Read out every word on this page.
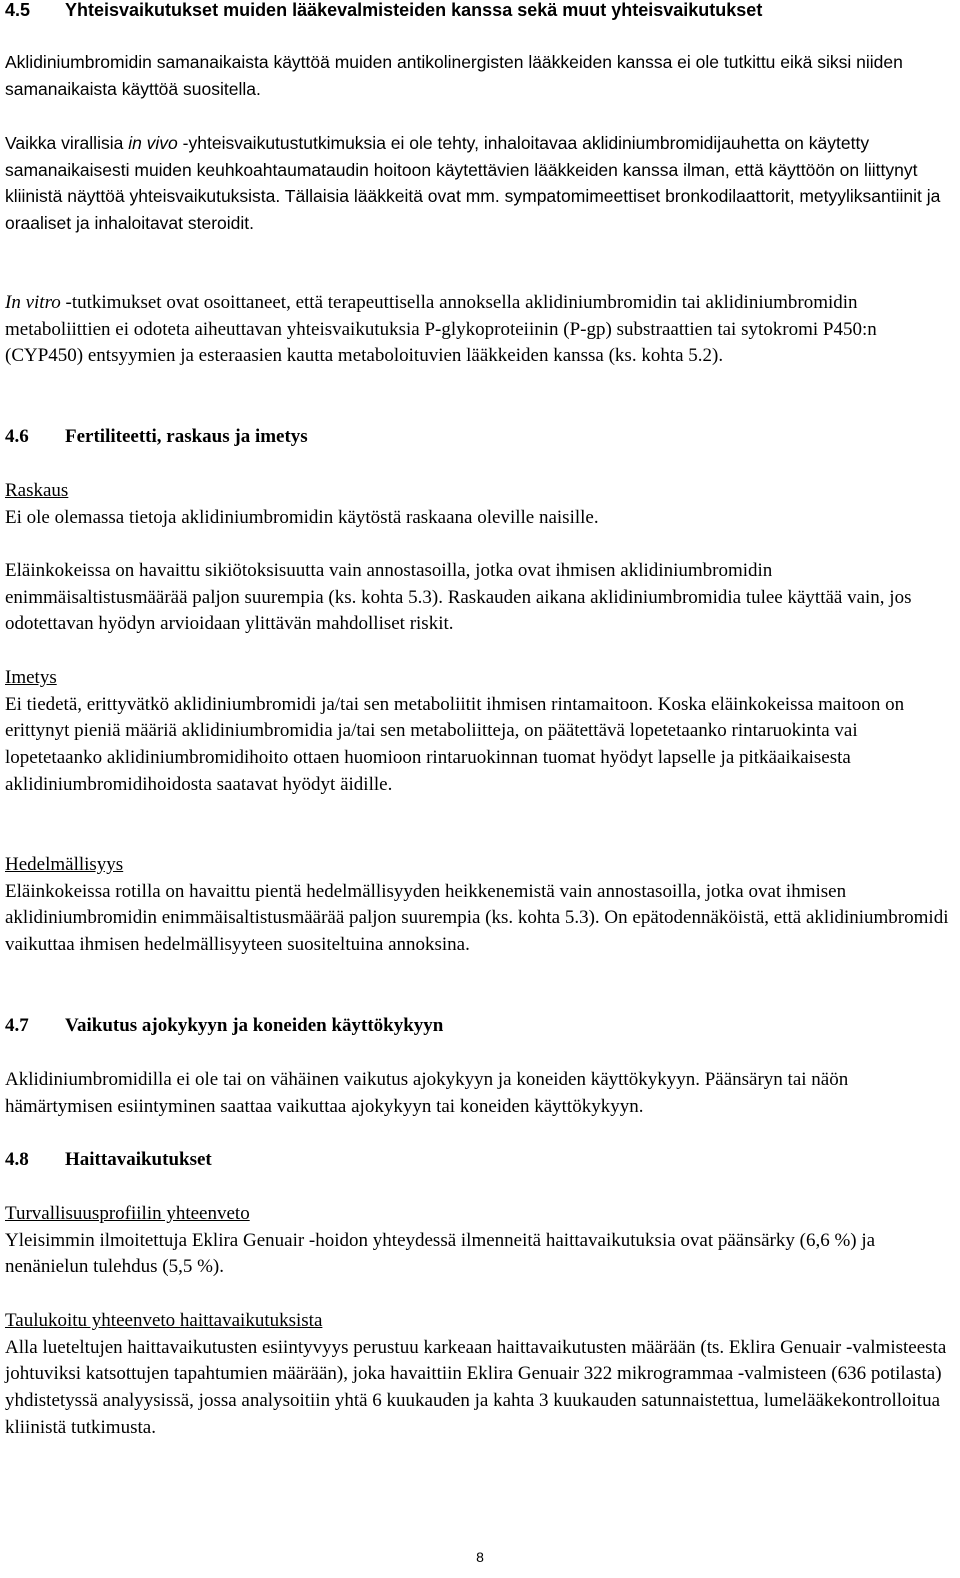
4.5 Yhteisvaikutukset muiden lääkevalmisteiden kanssa sekä muut yhteisvaikutukset

Aklidiniumbromidin samanaikaista käyttöä muiden antikolinergisten lääkkeiden kanssa ei ole tutkittu eikä siksi niiden samanaikaista käyttöä suositella.

Vaikka virallisia in vivo -yhteisvaikutustutkimuksia ei ole tehty, inhaloitavaa aklidiniumbromidijauhetta on käytetty samanaikaisesti muiden keuhkoahtaumataudin hoitoon käytettävien lääkkeiden kanssa ilman, että käyttöön on liittynyt kliinistä näyttöä yhteisvaikutuksista. Tällaisia lääkkeitä ovat mm. sympatomimeettiset bronkodilaattorit, metyyliksantiinit ja oraaliset ja inhaloitavat steroidit.

In vitro -tutkimukset ovat osoittaneet, että terapeuttisella annoksella aklidiniumbromidin tai aklidiniumbromidin metaboliittien ei odoteta aiheuttavan yhteisvaikutuksia P-glykoproteiinin (P-gp) substraattien tai sytokromi P450:n (CYP450) entsyymien ja esteraasien kautta metaboloituvien lääkkeiden kanssa (ks. kohta 5.2).

4.6 Fertiliteetti, raskaus ja imetys

Raskaus

Ei ole olemassa tietoja aklidiniumbromidin käytöstä raskaana oleville naisille.

Eläinkokeissa on havaittu sikiötoksisuutta vain annostasoilla, jotka ovat ihmisen aklidiniumbromidin enimmäisaltistusmäärää paljon suurempia (ks. kohta 5.3). Raskauden aikana aklidiniumbromidia tulee käyttää vain, jos odotettavan hyödyn arvioidaan ylittävän mahdolliset riskit.

Imetys

Ei tiedetä, erittyvätkö aklidiniumbromidi ja/tai sen metaboliitit ihmisen rintamaitoon. Koska eläinkokeissa maitoon on erittynyt pieniä määriä aklidiniumbromidia ja/tai sen metaboliitteja, on päätettävä lopetetaanko rintaruokinta vai lopetetaanko aklidiniumbromidihoito ottaen huomioon rintaruokinnan tuomat hyödyt lapselle ja pitkäaikaisesta aklidiniumbromidihoidosta saatavat hyödyt äidille.

Hedelmällisyys

Eläinkokeissa rotilla on havaittu pientä hedelmällisyyden heikkenemistä vain annostasoilla, jotka ovat ihmisen aklidiniumbromidin enimmäisaltistusmäärää paljon suurempia (ks. kohta 5.3). On epätodennäköistä, että aklidiniumbromidi vaikuttaa ihmisen hedelmällisyyteen suositeltuina annoksina.

4.7 Vaikutus ajokykyyn ja koneiden käyttökykyyn

Aklidiniumbromidilla ei ole tai on vähäinen vaikutus ajokykyyn ja koneiden käyttökykyyn. Päänsäryn tai näön hämärtymisen esiintyminen saattaa vaikuttaa ajokykyyn tai koneiden käyttökykyyn.

4.8 Haittavaikutukset

Turvallisuusprofiilin yhteenveto

Yleisimmin ilmoitettuja Eklira Genuair -hoidon yhteydessä ilmenneitä haittavaikutuksia ovat päänsärky (6,6 %) ja nenänielun tulehdus (5,5 %).

Taulukoitu yhteenveto haittavaikutuksista

Alla lueteltujen haittavaikutusten esiintyvyys perustuu karkeaan haittavaikutusten määrään (ts. Eklira Genuair -valmisteesta johtuviksi katsottujen tapahtumien määrään), joka havaittiin Eklira Genuair 322 mikrogrammaa -valmisteen (636 potilasta) yhdistetyssä analyysissä, jossa analysoitiin yhtä 6 kuukauden ja kahta 3 kuukauden satunnaistettua, lumelääkekontrolloitua kliinistä tutkimusta.

8
